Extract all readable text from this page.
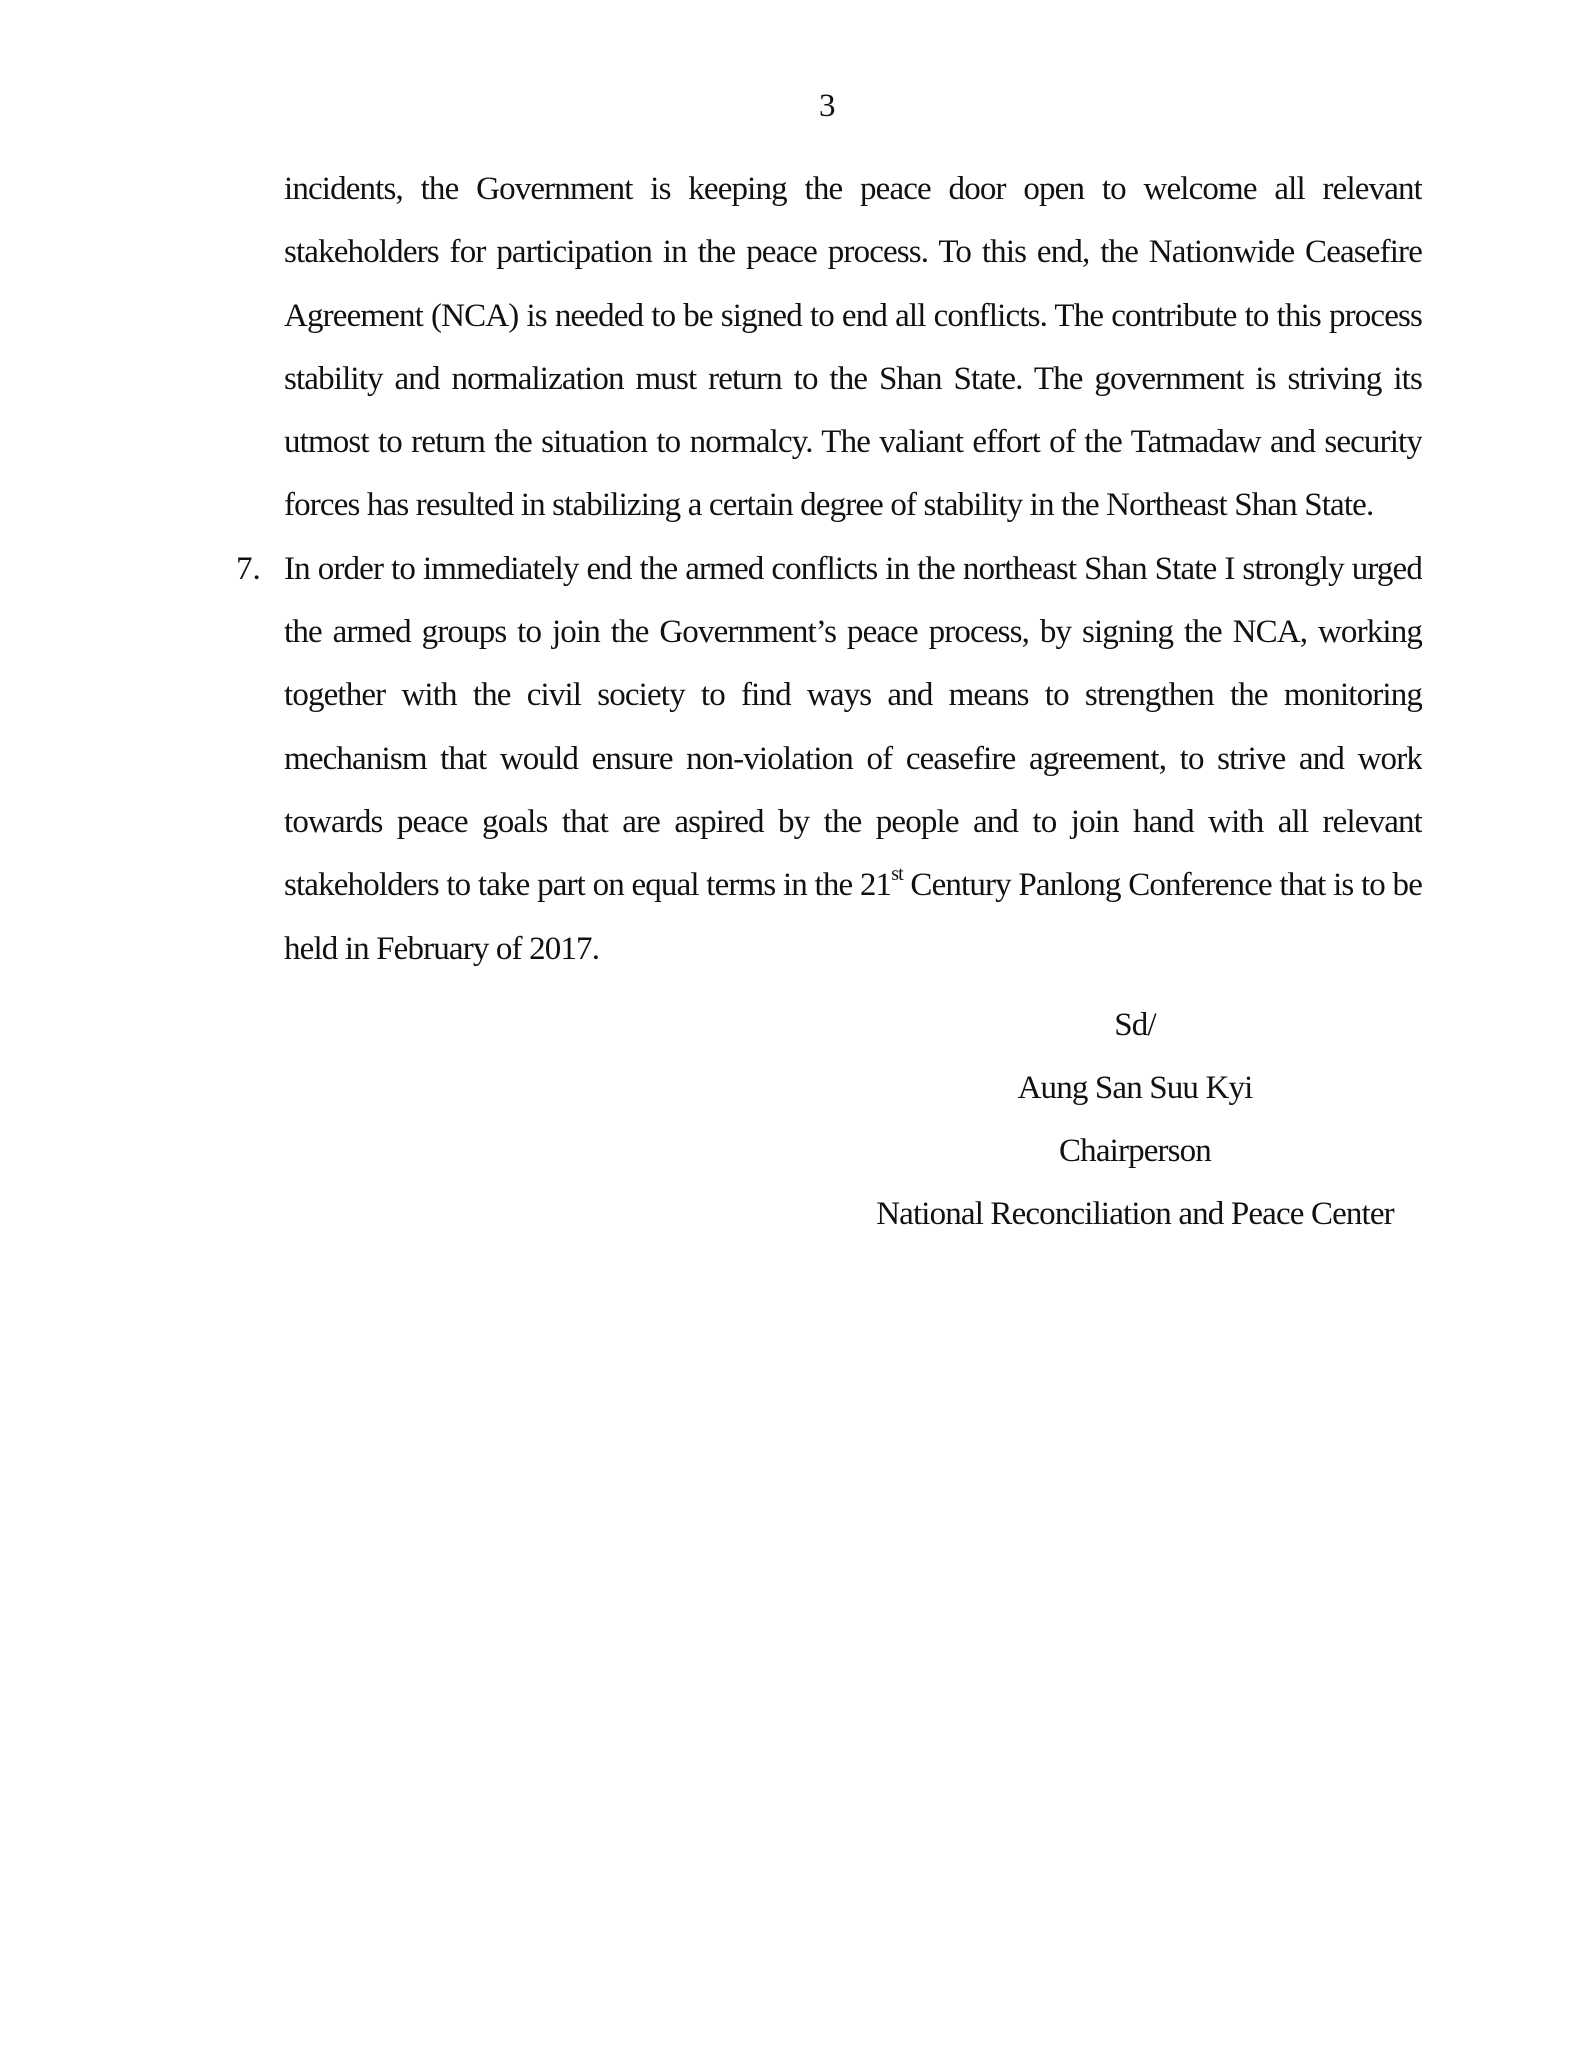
3
incidents, the Government is keeping the peace door open to welcome all relevant
stakeholders for participation in the peace process. To this end, the Nationwide Ceasefire
Agreement (NCA) is needed to be signed to end all conflicts. The contribute to this process
stability and normalization must return to the Shan State. The government is striving its
utmost to return the situation to normalcy. The valiant effort of the Tatmadaw and security
forces has resulted in stabilizing a certain degree of stability in the Northeast Shan State.
7. In order to immediately end the armed conflicts in the northeast Shan State I strongly urged
the armed groups to join the Government’s peace process, by signing the NCA, working
together with the civil society to find ways and means to strengthen the monitoring
mechanism that would ensure non-violation of ceasefire agreement, to strive and work
towards peace goals that are aspired by the people and to join hand with all relevant
stakeholders to take part on equal terms in the 21st Century Panlong Conference that is to be
held in February of 2017.
Sd/
Aung San Suu Kyi
Chairperson
National Reconciliation and Peace Center
